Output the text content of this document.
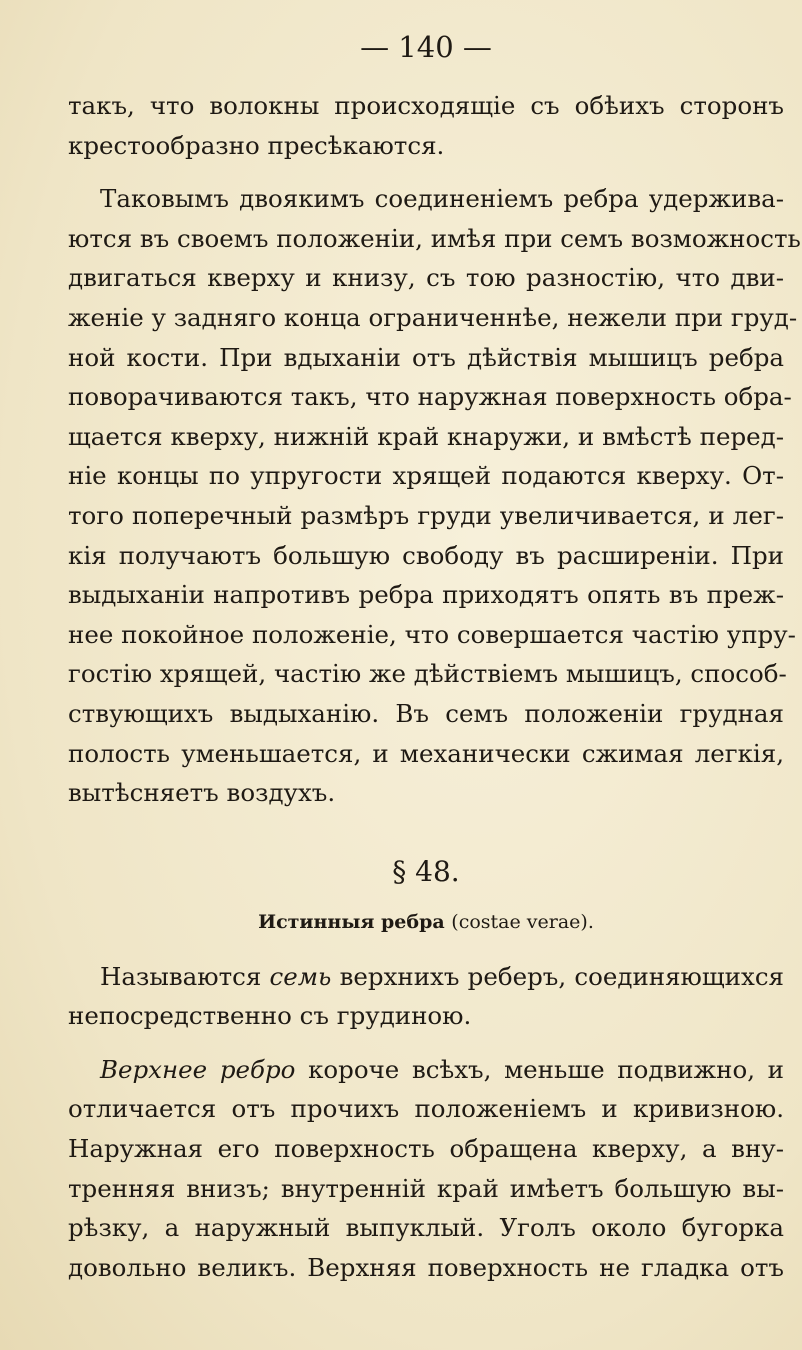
— 140 —
такъ, что волокны происходящіе съ обѣихъ сторонъ
крестообразно пресѣкаются.
Таковымъ двоякимъ соединеніемъ ребра удержива-
ются въ своемъ положеніи, имѣя при семъ возможность
двигаться кверху и книзу, съ тою разностію, что дви-
женіе у задняго конца ограниченнѣе, нежели при груд-
ной кости. При вдыханіи отъ дѣйствія мышицъ ребра
поворачиваются такъ, что наружная поверхность обра-
щается кверху, нижній край кнаружи, и вмѣстѣ перед-
ніе концы по упругости хрящей подаются кверху. От-
того поперечный размѣръ груди увеличивается, и лег-
кія получаютъ большую свободу въ расширеніи. При
выдыханіи напротивъ ребра приходятъ опять въ преж-
нее покойное положеніе, что совершается частію упру-
гостію хрящей, частію же дѣйствіемъ мышицъ, способ-
ствующихъ выдыханію. Въ семъ положеніи грудная
полость уменьшается, и механически сжимая легкія,
вытѣсняетъ воздухъ.
§ 48.
Истинныя ребра (costae verae).
Называются семь верхнихъ реберъ, соединяющихся
непосредственно съ грудиною.
Верхнее ребро короче всѣхъ, меньше подвижно, и
отличается отъ прочихъ положеніемъ и кривизною.
Наружная его поверхность обращена кверху, а вну-
тренняя внизъ; внутренній край имѣетъ большую вы-
рѣзку, а наружный выпуклый. Уголъ около бугорка
довольно великъ. Верхняя поверхность не гладка отъ
